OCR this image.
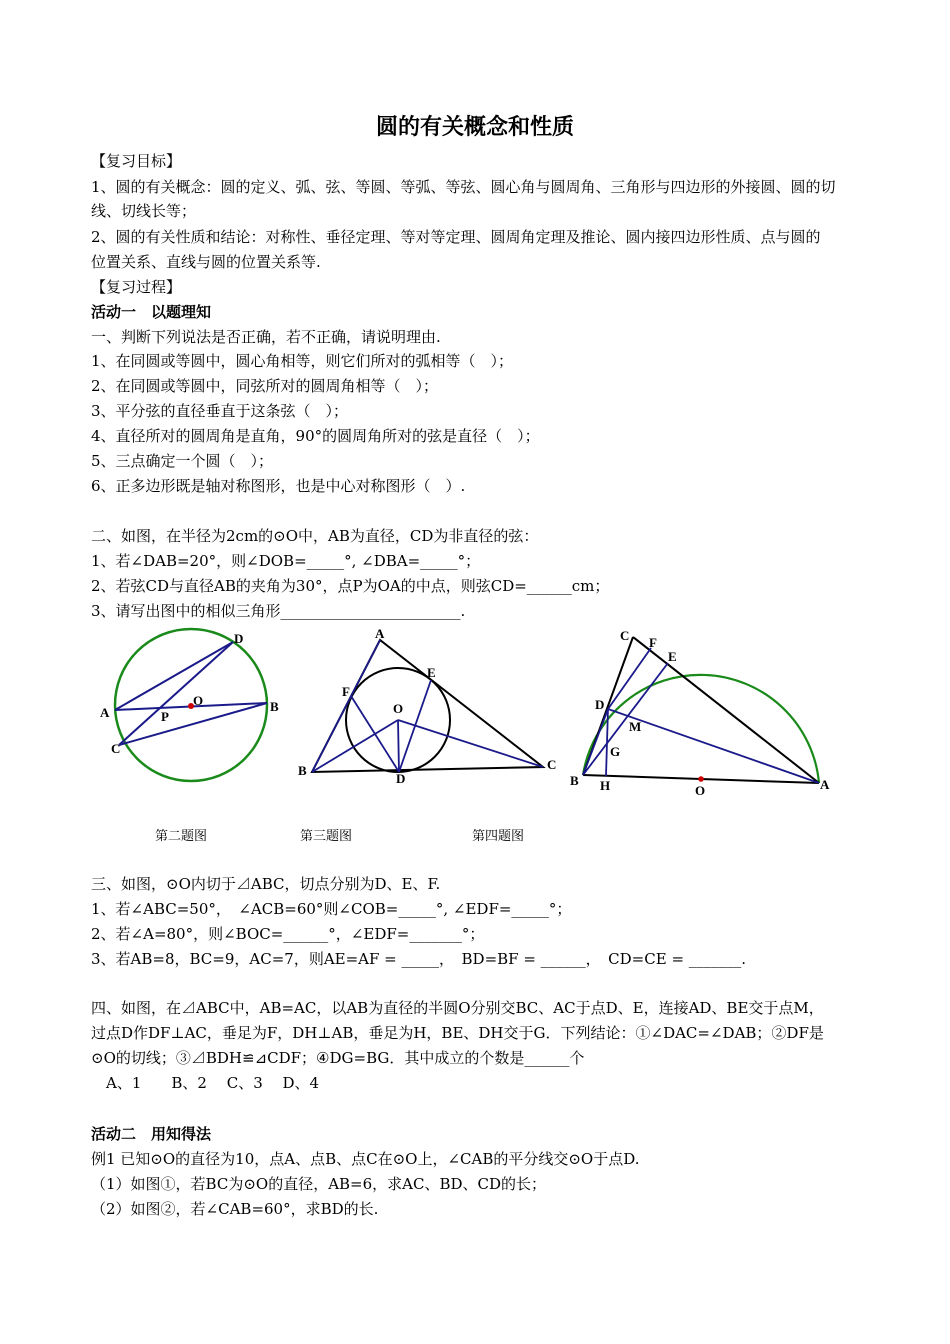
圆的有关概念和性质
【复习目标】
1、圆的有关概念：圆的定义、弧、弦、等圆、等弧、等弦、圆心角与圆周角、三角形与四边形的外接圆、圆的切
线、切线长等；
2、圆的有关性质和结论：对称性、垂径定理、等对等定理、圆周角定理及推论、圆内接四边形性质、点与圆的
位置关系、直线与圆的位置关系等.
【复习过程】
活动一　以题理知
一、判断下列说法是否正确，若不正确，请说明理由.
1、在同圆或等圆中，圆心角相等，则它们所对的弧相等（　）；
2、在同圆或等圆中，同弦所对的圆周角相等（　）；
3、平分弦的直径垂直于这条弦（　）；
4、直径所对的圆周角是直角，90°的圆周角所对的弦是直径（　）；
5、三点确定一个圆（　）；
6、正多边形既是轴对称图形，也是中心对称图形（　）.
二、如图，在半径为2cm的⊙O中，AB为直径，CD为非直径的弦：
1、若∠DAB=20°，则∠DOB=_____°, ∠DBA=_____°；
2、若弦CD与直径AB的夹角为30°，点P为OA的中点，则弦CD=______cm；
3、请写出图中的相似三角形________________________.
D
A	B
C
O
P
A
B	C
D
E
F
O
C F
E
D
M
G
B H	O	A
第二题图	第三题图	第四题图
三、如图，⊙O内切于⊿ABC，切点分别为D、E、F.
1、若∠ABC=50°，　∠ACB=60°则∠COB=_____°, ∠EDF=_____°；
2、若∠A=80°，则∠BOC=______°，∠EDF=_______°；
3、若AB=8，BC=9，AC=7，则AE=AF = _____，　BD=BF = ______，　CD=CE = _______.
四、如图，在⊿ABC中，AB=AC，以AB为直径的半圆O分别交BC、AC于点D、E，连接AD、BE交于点M，
过点D作DF⊥AC，垂足为F，DH⊥AB，垂足为H，BE、DH交于G．下列结论：①∠DAC=∠DAB；②DF是
⊙O的切线；③⊿BDH≌⊿CDF；④DG=BG．其中成立的个数是______个
　A、1　　B、2　 C、3　 D、4
活动二　用知得法
例1 已知⊙O的直径为10，点A、点B、点C在⊙O上，∠CAB的平分线交⊙O于点D.
（1）如图①，若BC为⊙O的直径，AB=6，求AC、BD、CD的长；
（2）如图②，若∠CAB=60°，求BD的长.
